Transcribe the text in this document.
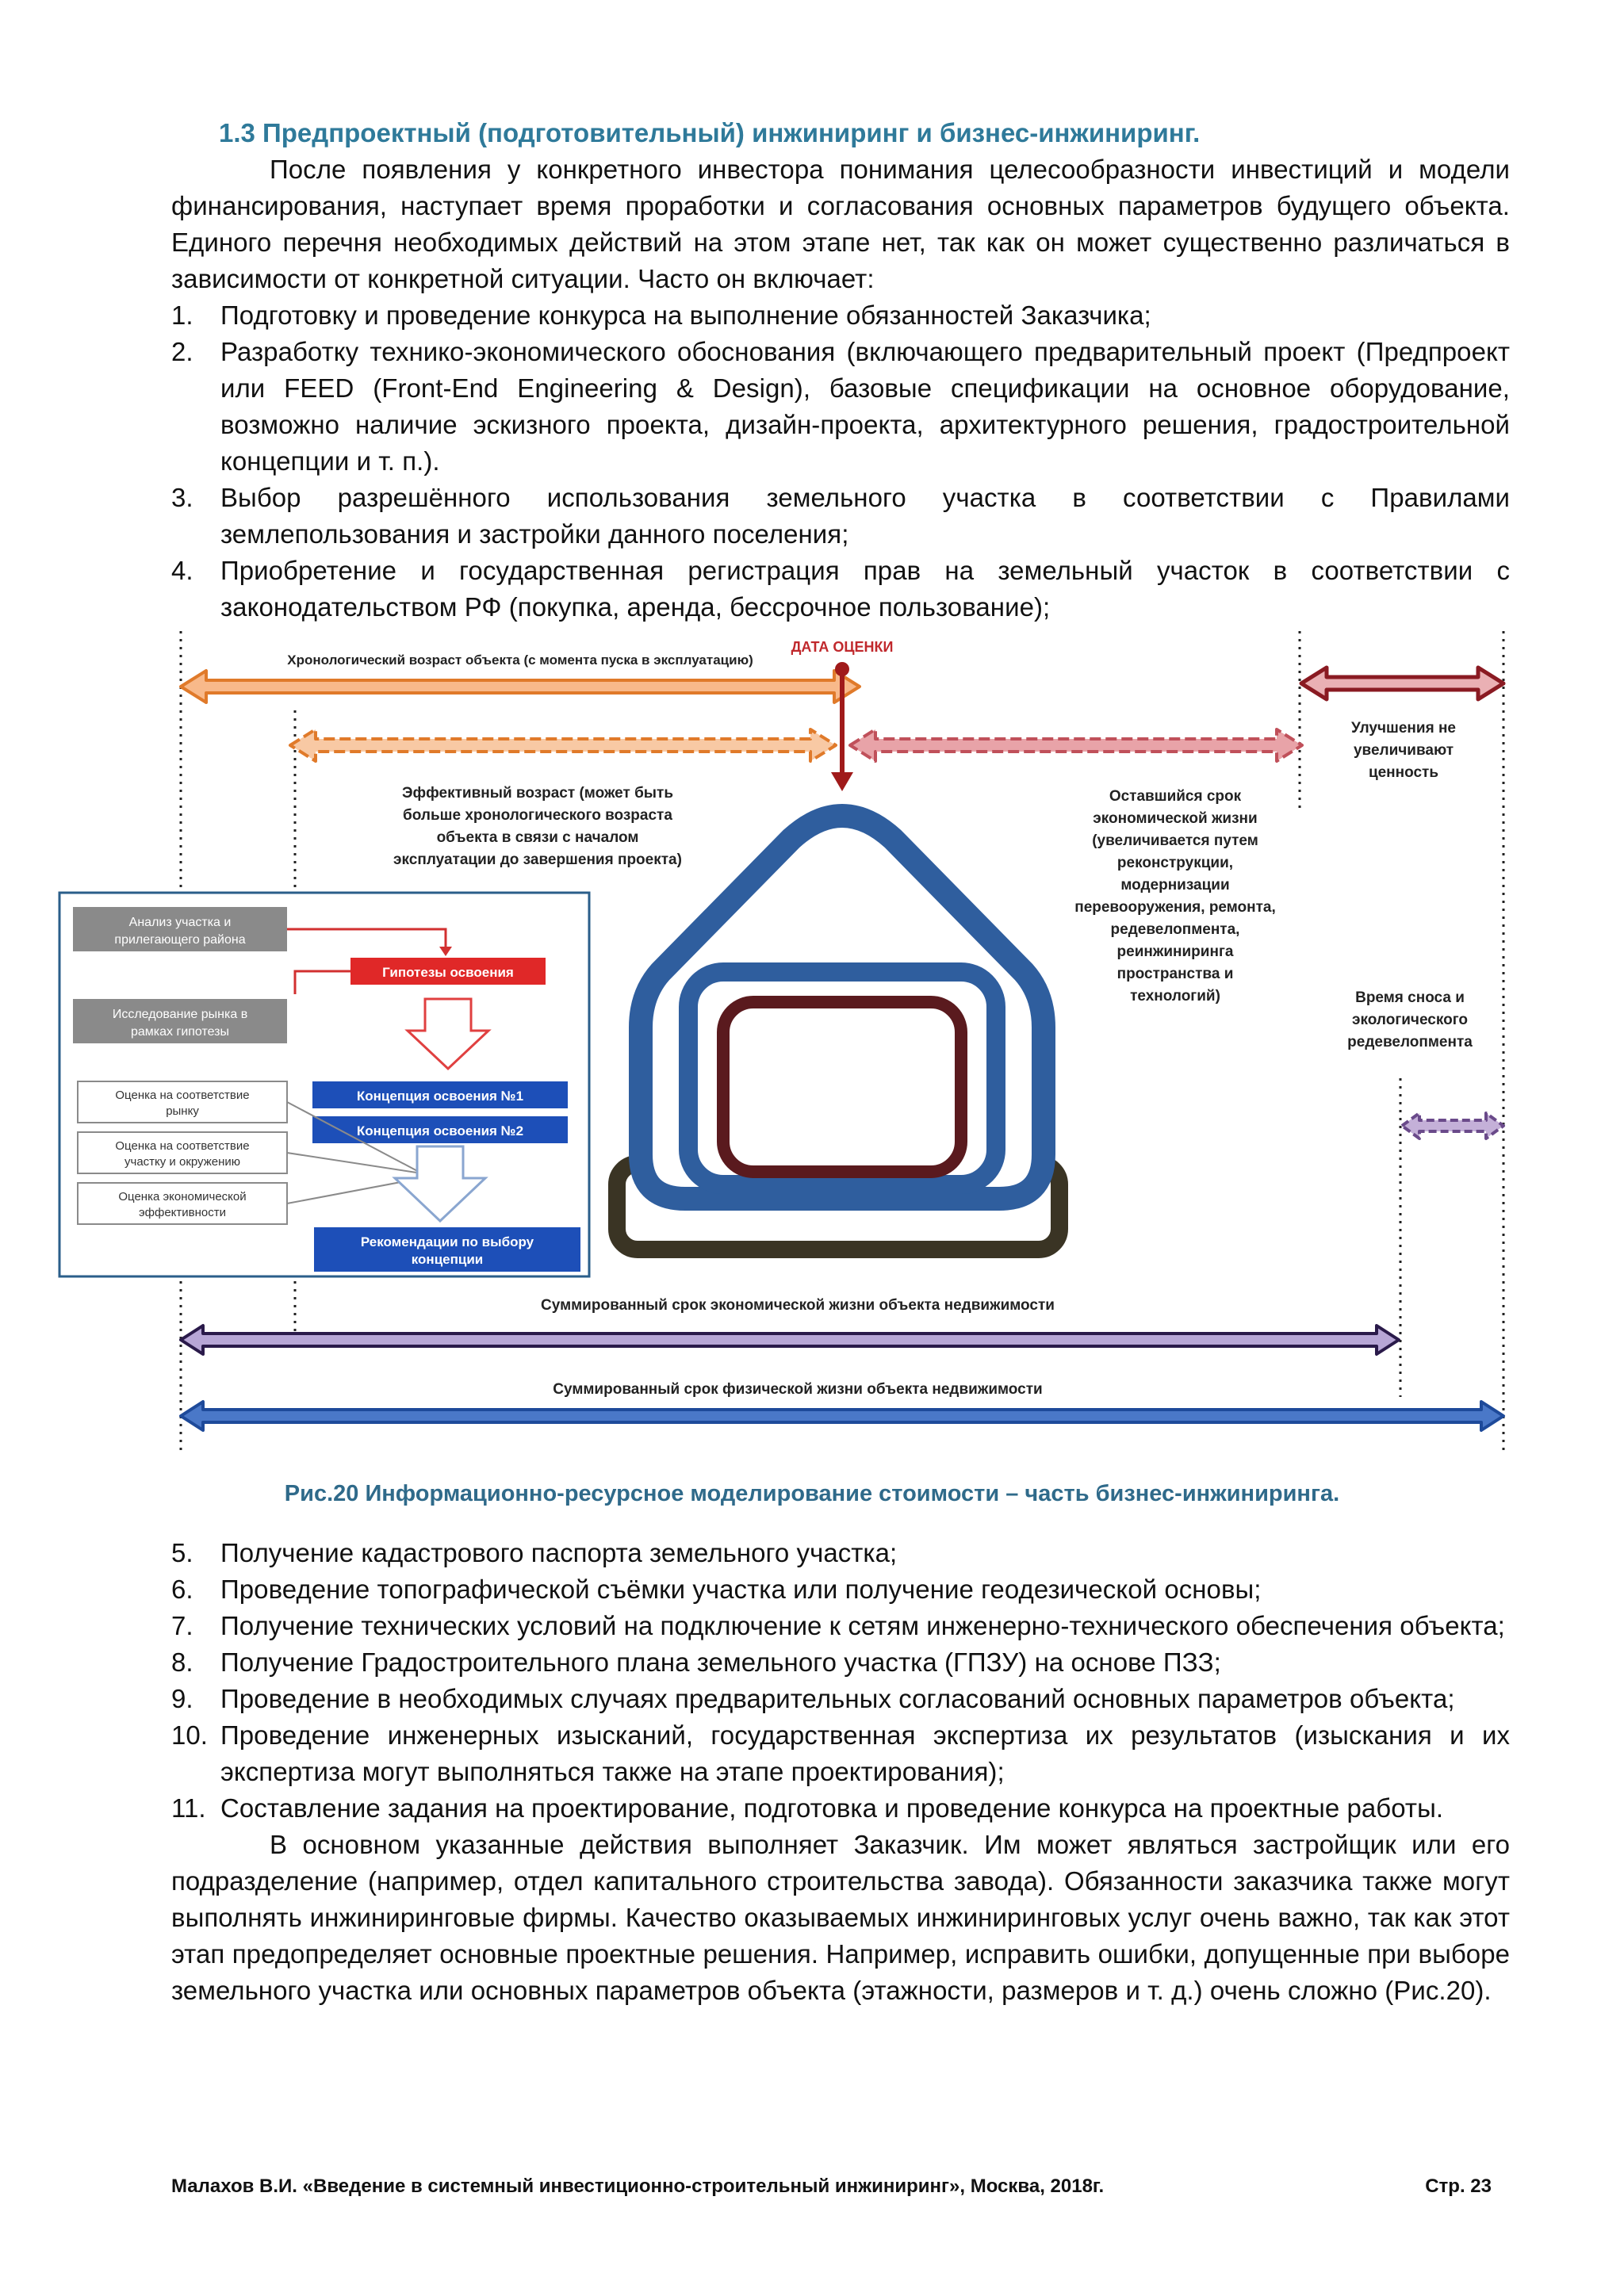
1.3 Предпроектный (подготовительный) инжиниринг и бизнес-инжиниринг.

После появления у конкретного инвестора понимания целесообразности инвестиций и модели финансирования, наступает время проработки и согласования основных параметров будущего объекта. Единого перечня необходимых действий на этом этапе нет, так как он может существенно различаться в зависимости от конкретной ситуации. Часто он включает:

1. Подготовку и проведение конкурса на выполнение обязанностей Заказчика;
2. Разработку технико-экономического обоснования (включающего предварительный проект (Предпроект или FEED (Front-End Engineering & Design), базовые спецификации на основное оборудование, возможно наличие эскизного проекта, дизайн-проекта, архитектурного решения, градостроительной концепции и т. п.).
3. Выбор разрешённого использования земельного участка в соответствии с Правилами землепользования и застройки данного поселения;
4. Приобретение и государственная регистрация прав на земельный участок в соответствии с законодательством РФ (покупка, аренда, бессрочное пользование);
Хронологический возраст объекта (с момента пуска в эксплуатацию)
ДАТА ОЦЕНКИ
Улучшения не
увеличивают
ценность
Эффективный возраст (может быть
больше хронологического возраста
объекта в связи с началом
эксплуатации до завершения проекта)
Оставшийся срок
экономической жизни
(увеличивается путем
реконструкции,
модернизации
перевооружения, ремонта,
редевелопмента,
реинжиниринга
пространства и
технологий)	Время сноса и
экологического
редевелопмента
Суммированный срок экономической жизни объекта недвижимости
Суммированный срок физической жизни объекта недвижимости
Анализ участка и
прилегающего района
Гипотезы освоения
Исследование рынка в
рамках гипотезы
Концепция освоения №1
Концепция освоения №2
Оценка на соответствие
рынку
Оценка на соответствие
участку и окружению
Оценка экономической
эффективности
Рекомендации по выбору
концепции
Рис.20 Информационно-ресурсное моделирование стоимости – часть бизнес-инжиниринга.
5. Получение кадастрового паспорта земельного участка;
6. Проведение топографической съёмки участка или получение геодезической основы;
7. Получение технических условий на подключение к сетям инженерно-технического обеспечения объекта;
8. Получение Градостроительного плана земельного участка (ГПЗУ) на основе ПЗЗ;
9. Проведение в необходимых случаях предварительных согласований основных параметров объекта;
10. Проведение инженерных изысканий, государственная экспертиза их результатов (изыскания и их экспертиза могут выполняться также на этапе проектирования);
11. Составление задания на проектирование, подготовка и проведение конкурса на проектные работы.

В основном указанные действия выполняет Заказчик. Им может являться застройщик или его подразделение (например, отдел капитального строительства завода). Обязанности заказчика также могут выполнять инжиниринговые фирмы. Качество оказываемых инжиниринговых услуг очень важно, так как этот этап предопределяет основные проектные решения. Например, исправить ошибки, допущенные при выборе земельного участка или основных параметров объекта (этажности, размеров и т. д.) очень сложно (Рис.20).

Малахов В.И. «Введение в системный инвестиционно-строительный инжиниринг», Москва, 2018г.	Стр. 23
